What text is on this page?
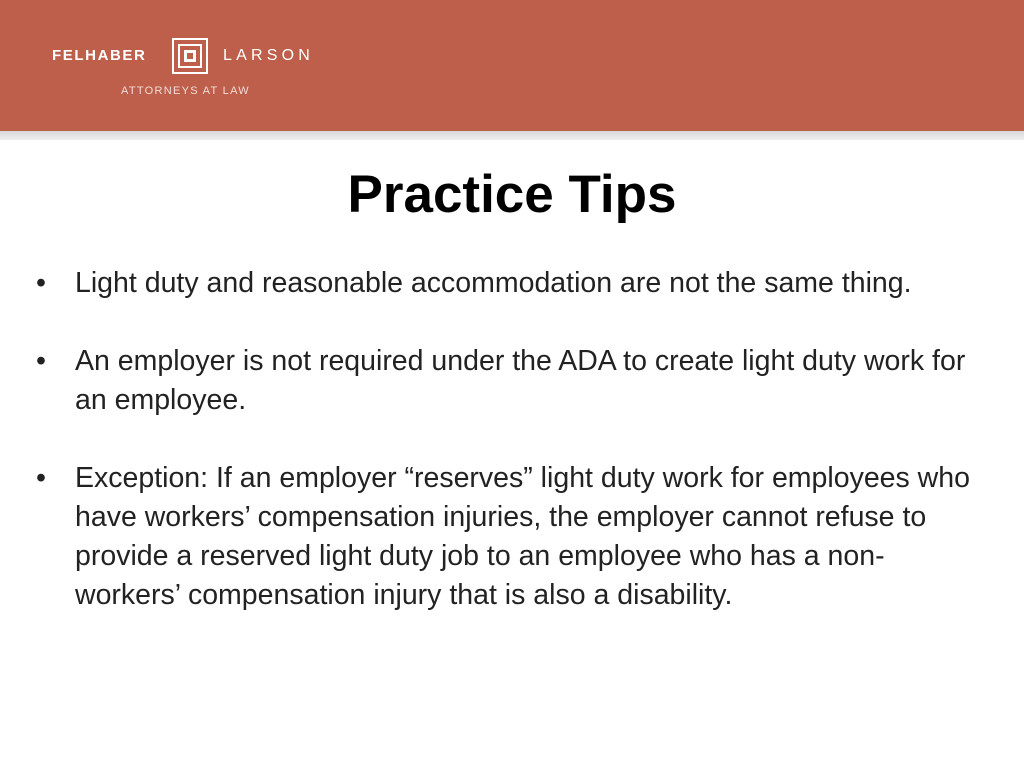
FELHABER	LARSON
ATTORNEYS AT LAW
Practice Tips
• Light duty and reasonable accommodation are not the same thing.
• An employer is not required under the ADA to create light duty work for an employee.
• Exception: If an employer “reserves” light duty work for employees who have workers’ compensation injuries, the employer cannot refuse to provide a reserved light duty job to an employee who has a non-workers’ compensation injury that is also a disability.
